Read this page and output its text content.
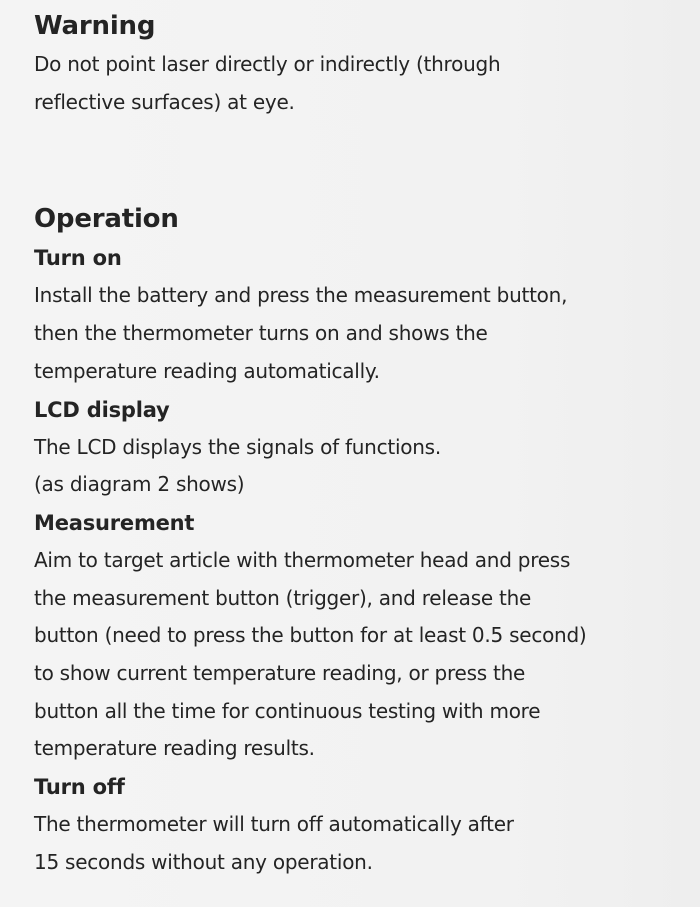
Warning

Do not point laser directly or indirectly (through
reflective surfaces) at eye.

Operation
Turn on

Install the battery and press the measurement button,
then the thermometer turns on and shows the
temperature reading automatically.

LCD display

The LCD displays the signals of functions.
(as diagram 2 shows)

Measurement

Aim to target article with thermometer head and press
the measurement button (trigger), and release the
button (need to press the button for at least 0.5 second)
to show current temperature reading, or press the
button all the time for continuous testing with more
temperature reading results.

Turn off

The thermometer will turn off automatically after
15 seconds without any operation.
